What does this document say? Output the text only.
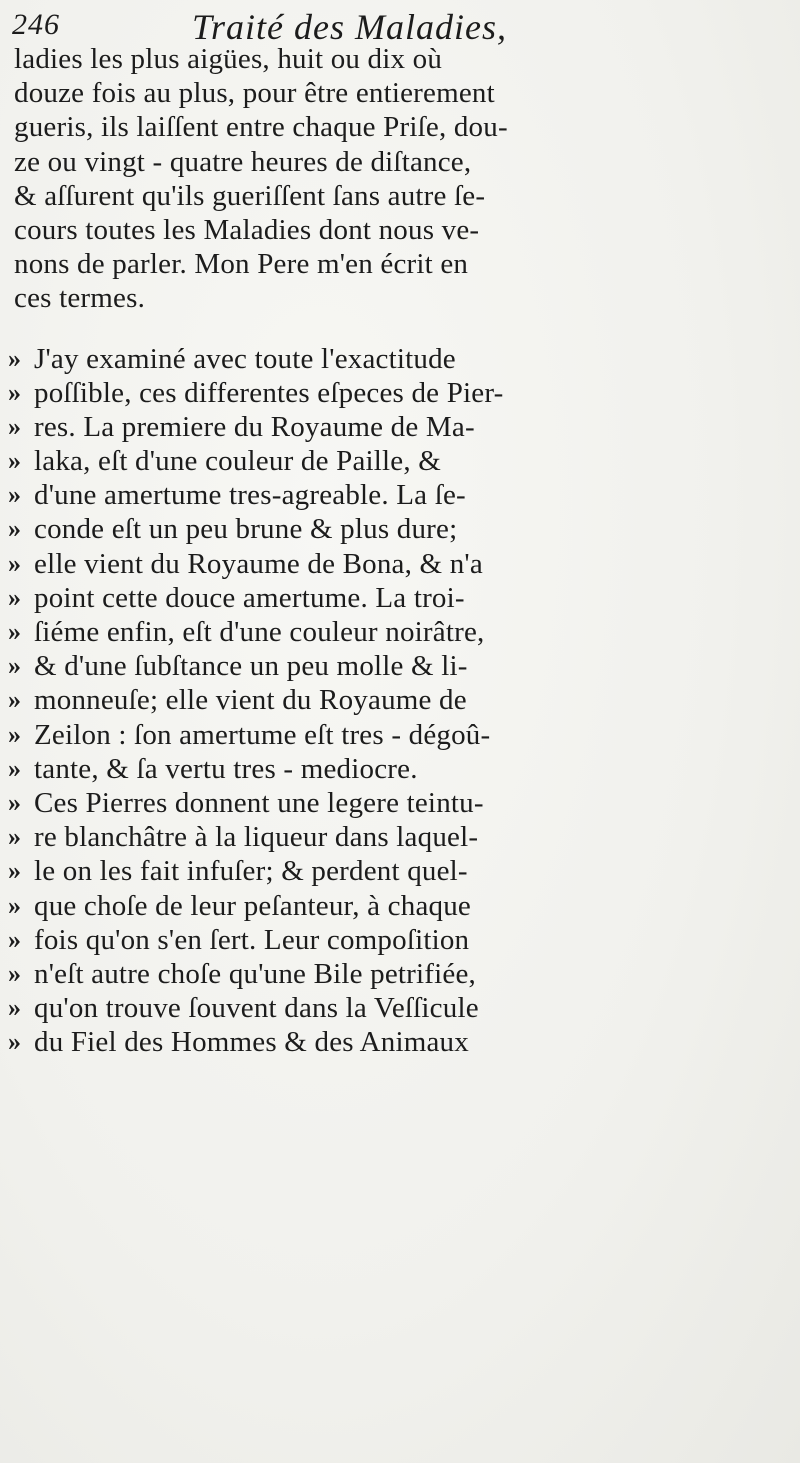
246	Traité des Maladies,
ladies les plus aigües, huit ou dix où
douze fois au plus, pour être entierement
gueris, ils laiſſent entre chaque Priſe, dou-
ze ou vingt - quatre heures de diſtance,
& aſſurent qu'ils gueriſſent ſans autre ſe-
cours toutes les Maladies dont nous ve-
nons de parler. Mon Pere m'en écrit en
ces termes.
» J'ay examiné avec toute l'exactitude
» poſſible, ces differentes eſpeces de Pier-
» res. La premiere du Royaume de Ma-
» laka, eſt d'une couleur de Paille, &
» d'une amertume tres-agreable. La ſe-
» conde eſt un peu brune & plus dure;
» elle vient du Royaume de Bona, & n'a
» point cette douce amertume. La troi-
» ſiéme enfin, eſt d'une couleur noirâtre,
» & d'une ſubſtance un peu molle & li-
» monneuſe; elle vient du Royaume de
» Zeilon : ſon amertume eſt tres - dégoû-
» tante, & ſa vertu tres - mediocre.
» Ces Pierres donnent une legere teintu-
» re blanchâtre à la liqueur dans laquel-
» le on les fait infuſer; & perdent quel-
» que choſe de leur peſanteur, à chaque
» fois qu'on s'en ſert. Leur compoſition
» n'eſt autre choſe qu'une Bile petrifiée,
» qu'on trouve ſouvent dans la Veſſicule
» du Fiel des Hommes & des Animaux
